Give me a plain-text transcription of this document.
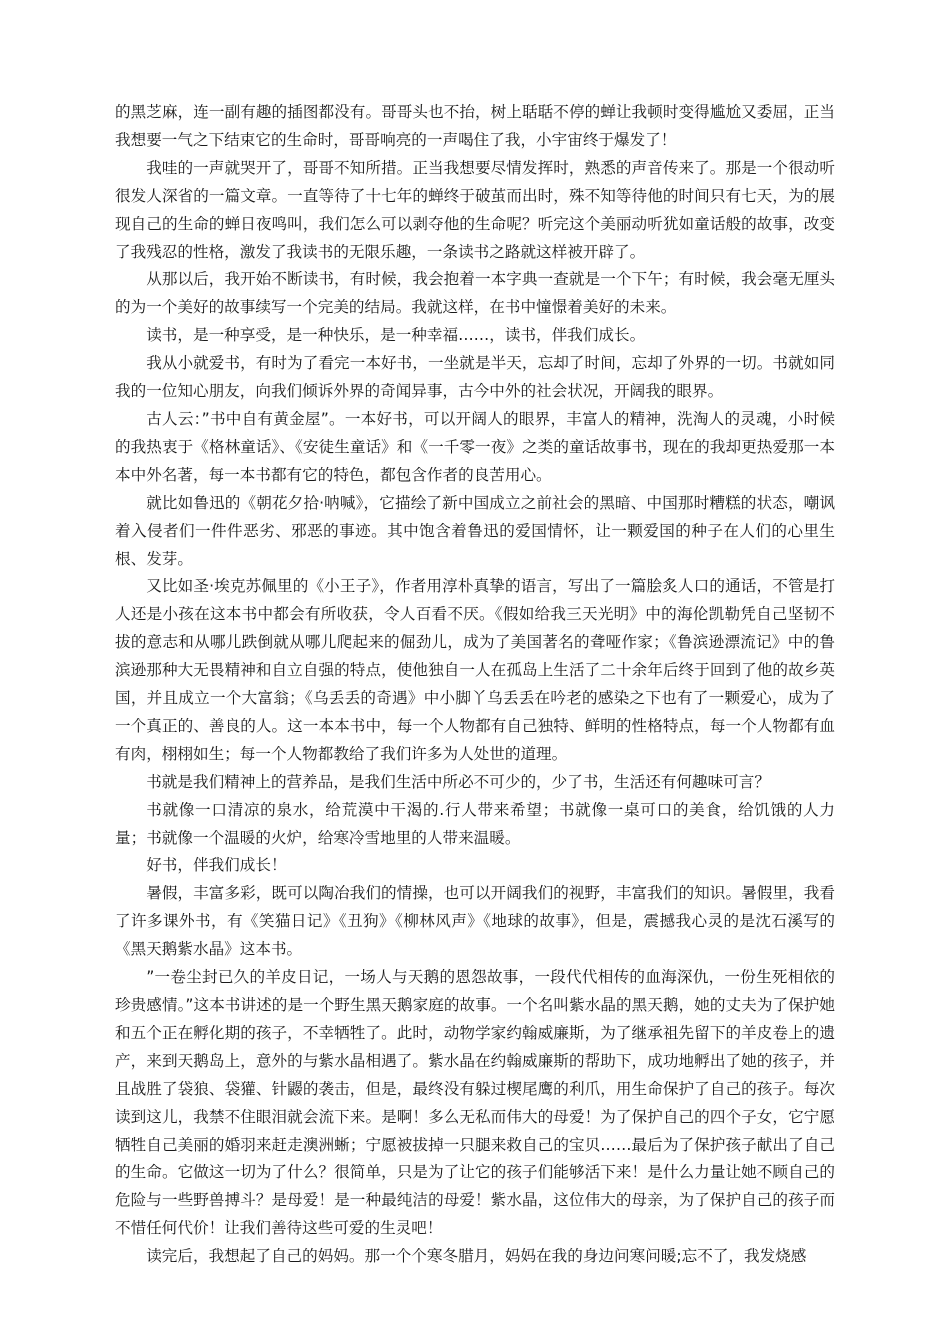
的黑芝麻，连一副有趣的插图都没有。哥哥头也不抬，树上聒聒不停的蝉让我顿时变得尴尬又委屈，正当我想要一气之下结束它的生命时，哥哥响亮的一声喝住了我，小宇宙终于爆发了！

我哇的一声就哭开了，哥哥不知所措。正当我想要尽情发挥时，熟悉的声音传来了。那是一个很动听很发人深省的一篇文章。一直等待了十七年的蝉终于破茧而出时，殊不知等待他的时间只有七天，为的展现自己的生命的蝉日夜鸣叫，我们怎么可以剥夺他的生命呢？听完这个美丽动听犹如童话般的故事，改变了我残忍的性格，激发了我读书的无限乐趣，一条读书之路就这样被开辟了。

从那以后，我开始不断读书，有时候，我会抱着一本字典一查就是一个下午；有时候，我会毫无厘头的为一个美好的故事续写一个完美的结局。我就这样，在书中憧憬着美好的未来。

读书，是一种享受，是一种快乐，是一种幸福……，读书，伴我们成长。

我从小就爱书，有时为了看完一本好书，一坐就是半天，忘却了时间，忘却了外界的一切。书就如同我的一位知心朋友，向我们倾诉外界的奇闻异事，古今中外的社会状况，开阔我的眼界。

古人云：”书中自有黄金屋”。一本好书，可以开阔人的眼界，丰富人的精神，洗淘人的灵魂，小时候的我热衷于《格林童话》、《安徒生童话》和《一千零一夜》之类的童话故事书，现在的我却更热爱那一本本中外名著，每一本书都有它的特色，都包含作者的良苦用心。

就比如鲁迅的《朝花夕拾·呐喊》，它描绘了新中国成立之前社会的黑暗、中国那时糟糕的状态，嘲讽着入侵者们一件件恶劣、邪恶的事迹。其中饱含着鲁迅的爱国情怀，让一颗爱国的种子在人们的心里生根、发芽。

又比如圣·埃克苏佩里的《小王子》，作者用淳朴真挚的语言，写出了一篇脍炙人口的通话，不管是打人还是小孩在这本书中都会有所收获，令人百看不厌。《假如给我三天光明》中的海伦凯勒凭自己坚韧不拔的意志和从哪儿跌倒就从哪儿爬起来的倔劲儿，成为了美国著名的聋哑作家；《鲁滨逊漂流记》中的鲁滨逊那种大无畏精神和自立自强的特点，使他独自一人在孤岛上生活了二十余年后终于回到了他的故乡英国，并且成立一个大富翁；《乌丢丢的奇遇》中小脚丫乌丢丢在吟老的感染之下也有了一颗爱心，成为了一个真正的、善良的人。这一本本书中，每一个人物都有自己独特、鲜明的性格特点，每一个人物都有血有肉，栩栩如生；每一个人物都教给了我们许多为人处世的道理。

书就是我们精神上的营养品，是我们生活中所必不可少的，少了书，生活还有何趣味可言？

书就像一口清凉的泉水，给荒漠中干渴的.行人带来希望；书就像一桌可口的美食，给饥饿的人力量；书就像一个温暖的火炉，给寒冷雪地里的人带来温暖。

好书，伴我们成长！

暑假，丰富多彩，既可以陶冶我们的情操，也可以开阔我们的视野，丰富我们的知识。暑假里，我看了许多课外书，有《笑猫日记》《丑狗》《柳林风声》《地球的故事》，但是，震撼我心灵的是沈石溪写的《黑天鹅紫水晶》这本书。

”一卷尘封已久的羊皮日记，一场人与天鹅的恩怨故事，一段代代相传的血海深仇，一份生死相依的珍贵感情。”这本书讲述的是一个野生黑天鹅家庭的故事。一个名叫紫水晶的黑天鹅，她的丈夫为了保护她和五个正在孵化期的孩子，不幸牺牲了。此时，动物学家约翰威廉斯，为了继承祖先留下的羊皮卷上的遗产，来到天鹅岛上，意外的与紫水晶相遇了。紫水晶在约翰威廉斯的帮助下，成功地孵出了她的孩子，并且战胜了袋狼、袋獾、针鼹的袭击，但是，最终没有躲过楔尾鹰的利爪，用生命保护了自己的孩子。每次读到这儿，我禁不住眼泪就会流下来。是啊！多么无私而伟大的母爱！为了保护自己的四个子女，它宁愿牺牲自己美丽的婚羽来赶走澳洲蜥；宁愿被拔掉一只腿来救自己的宝贝……最后为了保护孩子献出了自己的生命。它做这一切为了什么？很简单，只是为了让它的孩子们能够活下来！是什么力量让她不顾自己的危险与一些野兽搏斗？是母爱！是一种最纯洁的母爱！紫水晶，这位伟大的母亲，为了保护自己的孩子而不惜任何代价！让我们善待这些可爱的生灵吧！

读完后，我想起了自己的妈妈。那一个个寒冬腊月，妈妈在我的身边问寒问暖;忘不了，我发烧感
